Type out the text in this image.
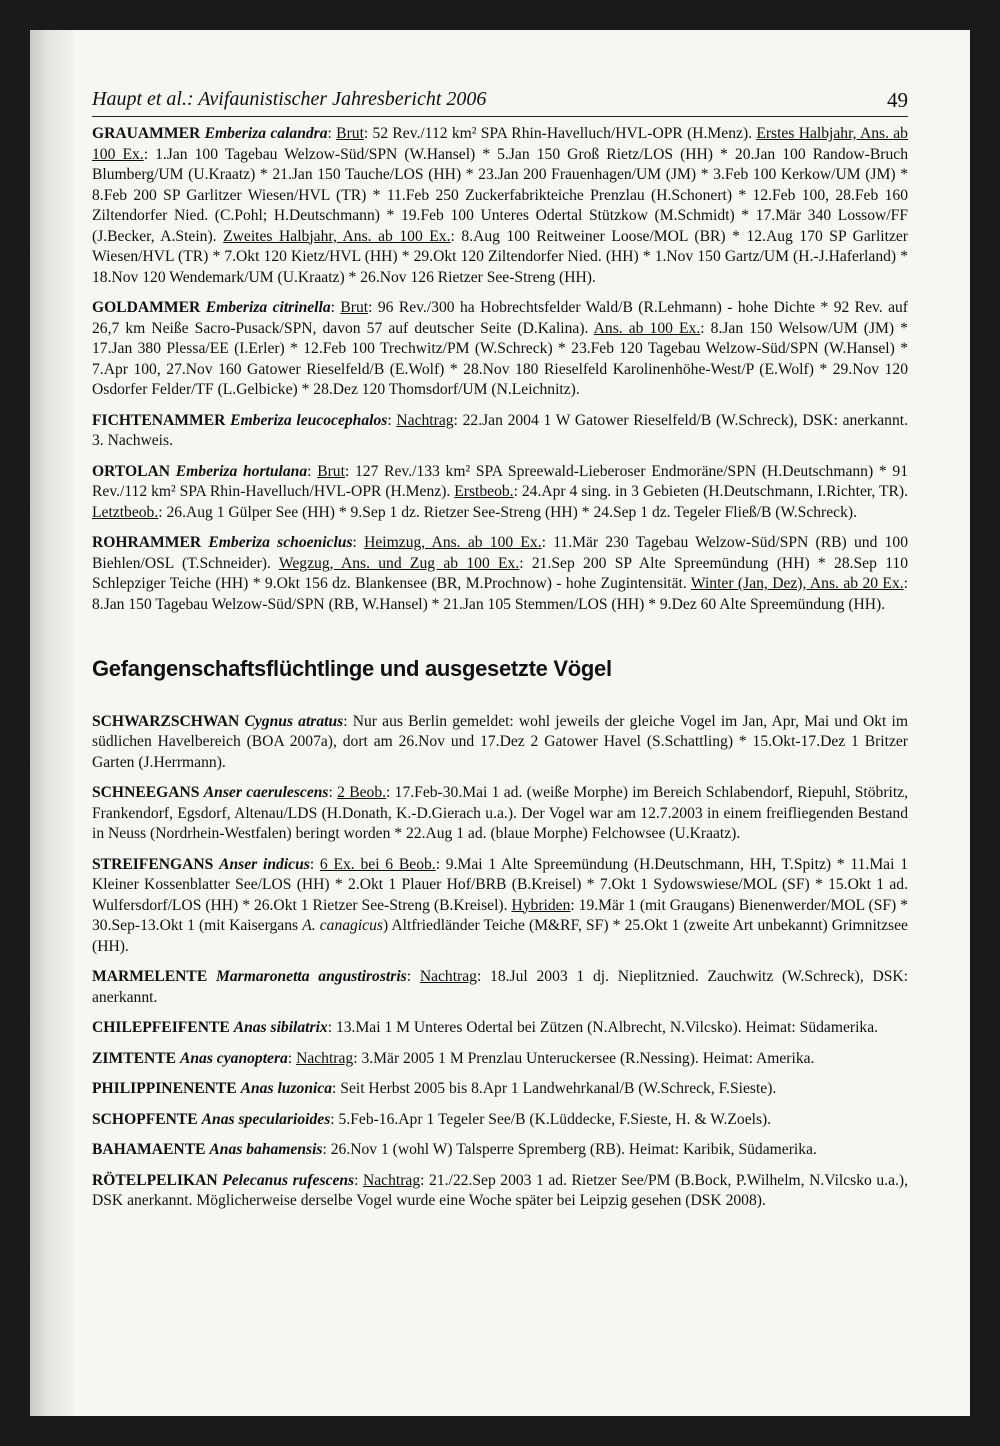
Haupt et al.: Avifaunistischer Jahresbericht 2006	49

GRAUAMMER Emberiza calandra: Brut: 52 Rev./112 km² SPA Rhin-Havelluch/HVL-OPR (H.Menz). Erstes Halbjahr, Ans. ab 100 Ex.: 1.Jan 100 Tagebau Welzow-Süd/SPN (W.Hansel) * 5.Jan 150 Groß Rietz/LOS (HH) * 20.Jan 100 Randow-Bruch Blumberg/UM (U.Kraatz) * 21.Jan 150 Tauche/LOS (HH) * 23.Jan 200 Frauenhagen/UM (JM) * 3.Feb 100 Kerkow/UM (JM) * 8.Feb 200 SP Garlitzer Wiesen/HVL (TR) * 11.Feb 250 Zuckerfabrikteiche Prenzlau (H.Schonert) * 12.Feb 100, 28.Feb 160 Ziltendorfer Nied. (C.Pohl; H.Deutschmann) * 19.Feb 100 Unteres Odertal Stützkow (M.Schmidt) * 17.Mär 340 Lossow/FF (J.Becker, A.Stein). Zweites Halbjahr, Ans. ab 100 Ex.: 8.Aug 100 Reitweiner Loose/MOL (BR) * 12.Aug 170 SP Garlitzer Wiesen/HVL (TR) * 7.Okt 120 Kietz/HVL (HH) * 29.Okt 120 Ziltendorfer Nied. (HH) * 1.Nov 150 Gartz/UM (H.-J.Haferland) * 18.Nov 120 Wendemark/UM (U.Kraatz) * 26.Nov 126 Rietzer See-Streng (HH).

GOLDAMMER Emberiza citrinella: Brut: 96 Rev./300 ha Hobrechtsfelder Wald/B (R.Lehmann) - hohe Dichte * 92 Rev. auf 26,7 km Neiße Sacro-Pusack/SPN, davon 57 auf deutscher Seite (D.Kalina). Ans. ab 100 Ex.: 8.Jan 150 Welsow/UM (JM) * 17.Jan 380 Plessa/EE (I.Erler) * 12.Feb 100 Trechwitz/PM (W.Schreck) * 23.Feb 120 Tagebau Welzow-Süd/SPN (W.Hansel) * 7.Apr 100, 27.Nov 160 Gatower Rieselfeld/B (E.Wolf) * 28.Nov 180 Rieselfeld Karolinenhöhe-West/P (E.Wolf) * 29.Nov 120 Osdorfer Felder/TF (L.Gelbicke) * 28.Dez 120 Thomsdorf/UM (N.Leichnitz).

FICHTENAMMER Emberiza leucocephalos: Nachtrag: 22.Jan 2004 1 W Gatower Rieselfeld/B (W.Schreck), DSK: anerkannt. 3. Nachweis.

ORTOLAN Emberiza hortulana: Brut: 127 Rev./133 km² SPA Spreewald-Lieberoser Endmoräne/SPN (H.Deutschmann) * 91 Rev./112 km² SPA Rhin-Havelluch/HVL-OPR (H.Menz). Erstbeob.: 24.Apr 4 sing. in 3 Gebieten (H.Deutschmann, I.Richter, TR). Letztbeob.: 26.Aug 1 Gülper See (HH) * 9.Sep 1 dz. Rietzer See-Streng (HH) * 24.Sep 1 dz. Tegeler Fließ/B (W.Schreck).

ROHRAMMER Emberiza schoeniclus: Heimzug, Ans. ab 100 Ex.: 11.Mär 230 Tagebau Welzow-Süd/SPN (RB) und 100 Biehlen/OSL (T.Schneider). Wegzug, Ans. und Zug ab 100 Ex.: 21.Sep 200 SP Alte Spreemündung (HH) * 28.Sep 110 Schlepziger Teiche (HH) * 9.Okt 156 dz. Blankensee (BR, M.Prochnow) - hohe Zugintensität. Winter (Jan, Dez), Ans. ab 20 Ex.: 8.Jan 150 Tagebau Welzow-Süd/SPN (RB, W.Hansel) * 21.Jan 105 Stemmen/LOS (HH) * 9.Dez 60 Alte Spreemündung (HH).

Gefangenschaftsflüchtlinge und ausgesetzte Vögel

SCHWARZSCHWAN Cygnus atratus: Nur aus Berlin gemeldet: wohl jeweils der gleiche Vogel im Jan, Apr, Mai und Okt im südlichen Havelbereich (BOA 2007a), dort am 26.Nov und 17.Dez 2 Gatower Havel (S.Schattling) * 15.Okt-17.Dez 1 Britzer Garten (J.Herrmann).

SCHNEEGANS Anser caerulescens: 2 Beob.: 17.Feb-30.Mai 1 ad. (weiße Morphe) im Bereich Schlabendorf, Riepuhl, Stöbritz, Frankendorf, Egsdorf, Altenau/LDS (H.Donath, K.-D.Gierach u.a.). Der Vogel war am 12.7.2003 in einem freifliegenden Bestand in Neuss (Nordrhein-Westfalen) beringt worden * 22.Aug 1 ad. (blaue Morphe) Felchowsee (U.Kraatz).

STREIFENGANS Anser indicus: 6 Ex. bei 6 Beob.: 9.Mai 1 Alte Spreemündung (H.Deutschmann, HH, T.Spitz) * 11.Mai 1 Kleiner Kossenblatter See/LOS (HH) * 2.Okt 1 Plauer Hof/BRB (B.Kreisel) * 7.Okt 1 Sydowswiese/MOL (SF) * 15.Okt 1 ad. Wulfersdorf/LOS (HH) * 26.Okt 1 Rietzer See-Streng (B.Kreisel). Hybriden: 19.Mär 1 (mit Graugans) Bienenwerder/MOL (SF) * 30.Sep-13.Okt 1 (mit Kaisergans A. canagicus) Altfriedländer Teiche (M&RF, SF) * 25.Okt 1 (zweite Art unbekannt) Grimnitzsee (HH).

MARMELENTE Marmaronetta angustirostris: Nachtrag: 18.Jul 2003 1 dj. Nieplitznied. Zauchwitz (W.Schreck), DSK: anerkannt.

CHILEPFEIFENTE Anas sibilatrix: 13.Mai 1 M Unteres Odertal bei Zützen (N.Albrecht, N.Vilcsko). Heimat: Südamerika.

ZIMTENTE Anas cyanoptera: Nachtrag: 3.Mär 2005 1 M Prenzlau Unteruckersee (R.Nessing). Heimat: Amerika.

PHILIPPINENENTE Anas luzonica: Seit Herbst 2005 bis 8.Apr 1 Landwehrkanal/B (W.Schreck, F.Sieste).

SCHOPFENTE Anas specularioides: 5.Feb-16.Apr 1 Tegeler See/B (K.Lüddecke, F.Sieste, H. & W.Zoels).

BAHAMAENTE Anas bahamensis: 26.Nov 1 (wohl W) Talsperre Spremberg (RB). Heimat: Karibik, Südamerika.

RÖTELPELIKAN Pelecanus rufescens: Nachtrag: 21./22.Sep 2003 1 ad. Rietzer See/PM (B.Bock, P.Wilhelm, N.Vilcsko u.a.), DSK anerkannt. Möglicherweise derselbe Vogel wurde eine Woche später bei Leipzig gesehen (DSK 2008).
